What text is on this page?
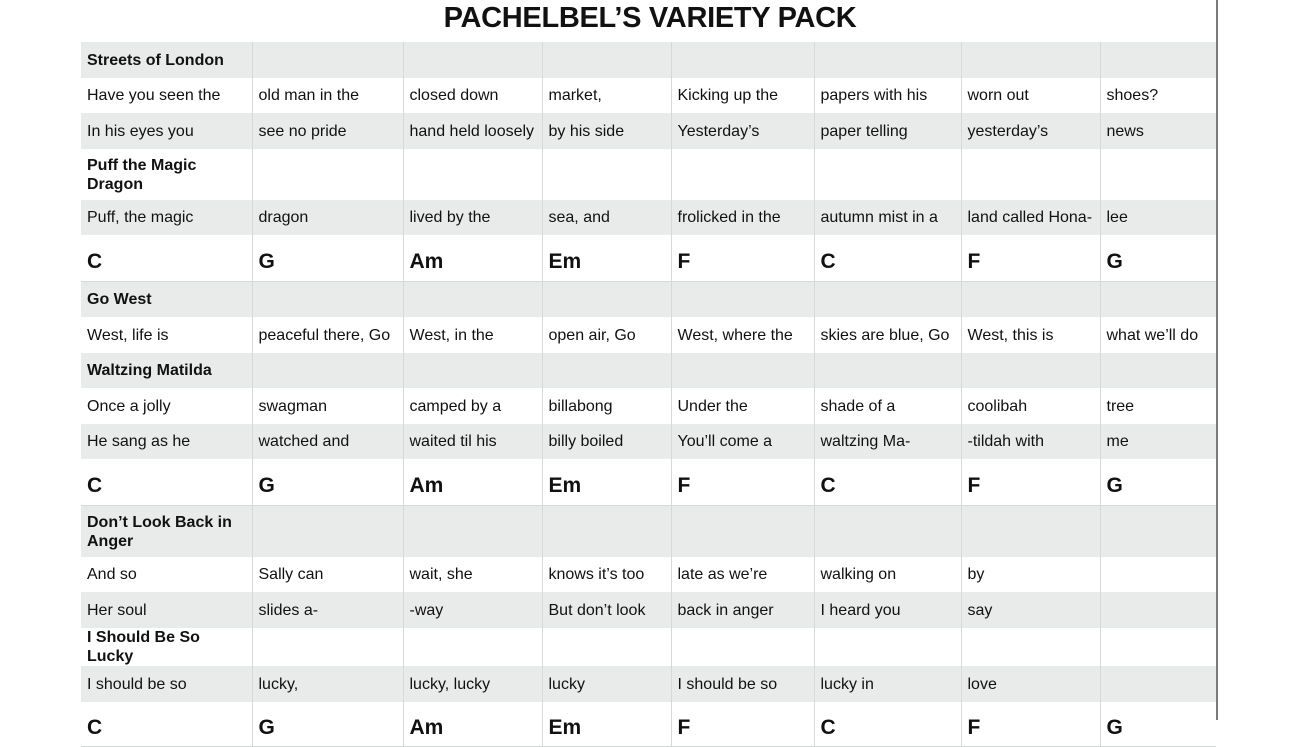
PACHELBEL’S VARIETY PACK
Streets of London							
Have you seen the	old man in the	closed down	market,	Kicking up the	papers with his	worn out	shoes?
In his eyes you	see no pride	hand held loosely	by his side	Yesterday’s	paper telling	yesterday’s	news
Puff the Magic Dragon							
Puff, the magic	dragon	lived by the	sea, and	frolicked in the	autumn mist in a	land called Hona-	lee
C	G	Am	Em	F	C	F	G
Go West							
West, life is	peaceful there, Go	West, in the	open air, Go	West, where the	skies are blue, Go	West, this is	what we’ll do
Waltzing Matilda							
Once a jolly	swagman	camped by a	billabong	Under the	shade of a	coolibah	tree
He sang as he	watched and	waited til his	billy boiled	You’ll come a	waltzing Ma-	-tildah with	me
C	G	Am	Em	F	C	F	G
Don’t Look Back in Anger							
And so	Sally can	wait, she	knows it’s too	late as we’re	walking on	by	
Her soul	slides a-	-way	But don’t look	back in anger	I heard you	say	
I Should Be So Lucky							
I should be so	lucky,	lucky, lucky	lucky	I should be so	lucky in	love	
C	G	Am	Em	F	C	F	G
